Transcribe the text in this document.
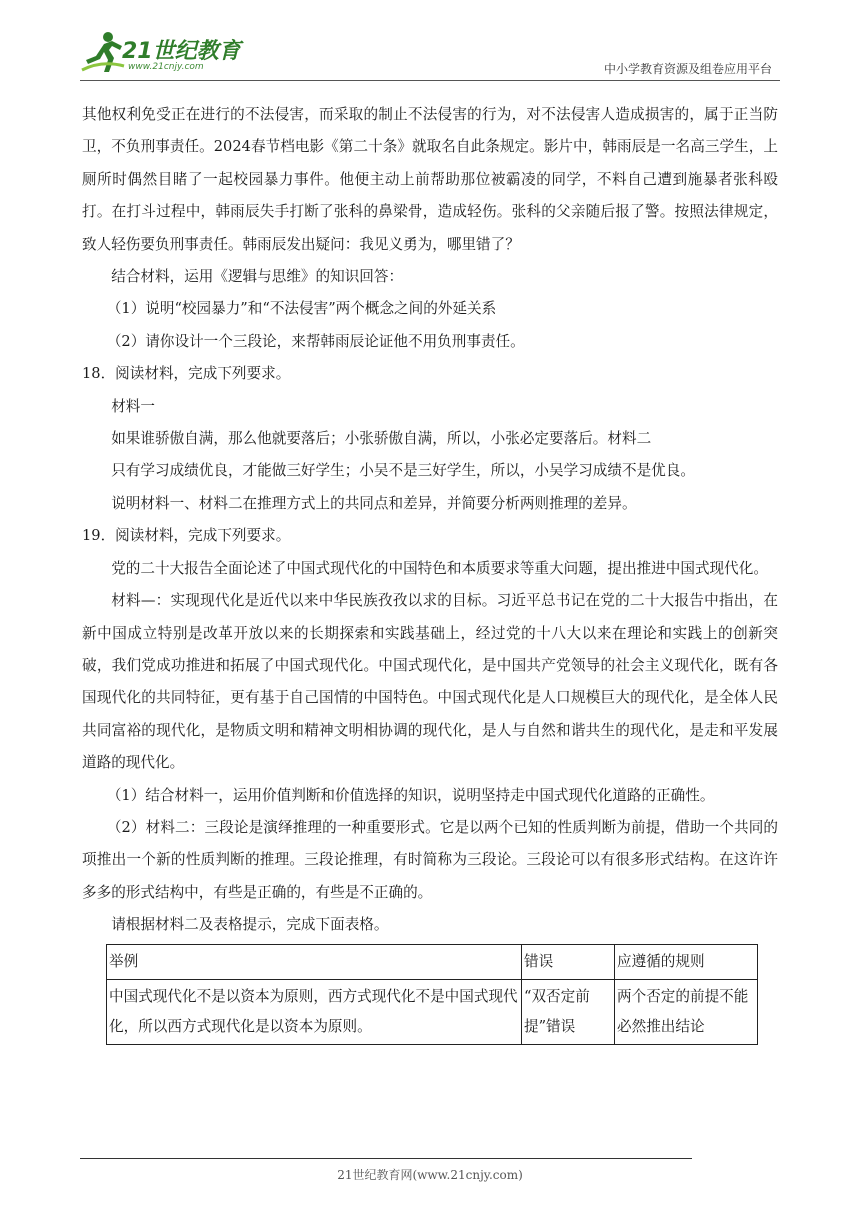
21世纪教育
www.21cnjy.com	中小学教育资源及组卷应用平台

其他权利免受正在进行的不法侵害，而采取的制止不法侵害的行为，对不法侵害人造成损害的，属于正当防卫，不负刑事责任。2024春节档电影《第二十条》就取名自此条规定。影片中，韩雨辰是一名高三学生，上厕所时偶然目睹了一起校园暴力事件。他便主动上前帮助那位被霸凌的同学，不料自己遭到施暴者张科殴打。在打斗过程中，韩雨辰失手打断了张科的鼻梁骨，造成轻伤。张科的父亲随后报了警。按照法律规定，致人轻伤要负刑事责任。韩雨辰发出疑问：我见义勇为，哪里错了？

结合材料，运用《逻辑与思维》的知识回答：

（1）说明“校园暴力”和“不法侵害”两个概念之间的外延关系

（2）请你设计一个三段论，来帮韩雨辰论证他不用负刑事责任。

18．阅读材料，完成下列要求。

材料一

如果谁骄傲自满，那么他就要落后；小张骄傲自满，所以，小张必定要落后。材料二

只有学习成绩优良，才能做三好学生；小吴不是三好学生，所以，小吴学习成绩不是优良。

说明材料一、材料二在推理方式上的共同点和差异，并简要分析两则推理的差异。

19．阅读材料，完成下列要求。

党的二十大报告全面论述了中国式现代化的中国特色和本质要求等重大问题，提出推进中国式现代化。

材料—：实现现代化是近代以来中华民族孜孜以求的目标。习近平总书记在党的二十大报告中指出，在新中国成立特别是改革开放以来的长期探索和实践基础上，经过党的十八大以来在理论和实践上的创新突破，我们党成功推进和拓展了中国式现代化。中国式现代化，是中国共产党领导的社会主义现代化，既有各国现代化的共同特征，更有基于自己国情的中国特色。中国式现代化是人口规模巨大的现代化，是全体人民共同富裕的现代化，是物质文明和精神文明相协调的现代化，是人与自然和谐共生的现代化，是走和平发展道路的现代化。

（1）结合材料一，运用价值判断和价值选择的知识，说明坚持走中国式现代化道路的正确性。

（2）材料二：三段论是演绎推理的一种重要形式。它是以两个已知的性质判断为前提，借助一个共同的项推出一个新的性质判断的推理。三段论推理，有时简称为三段论。三段论可以有很多形式结构。在这许许多多的形式结构中，有些是正确的，有些是不正确的。

请根据材料二及表格提示，完成下面表格。

举例	错误	应遵循的规则
中国式现代化不是以资本为原则，西方式现代化不是中国式现代化，所以西方式现代化是以资本为原则。	“双否定前提”错误	两个否定的前提不能必然推出结论
21世纪教育网(www.21cnjy.com)
